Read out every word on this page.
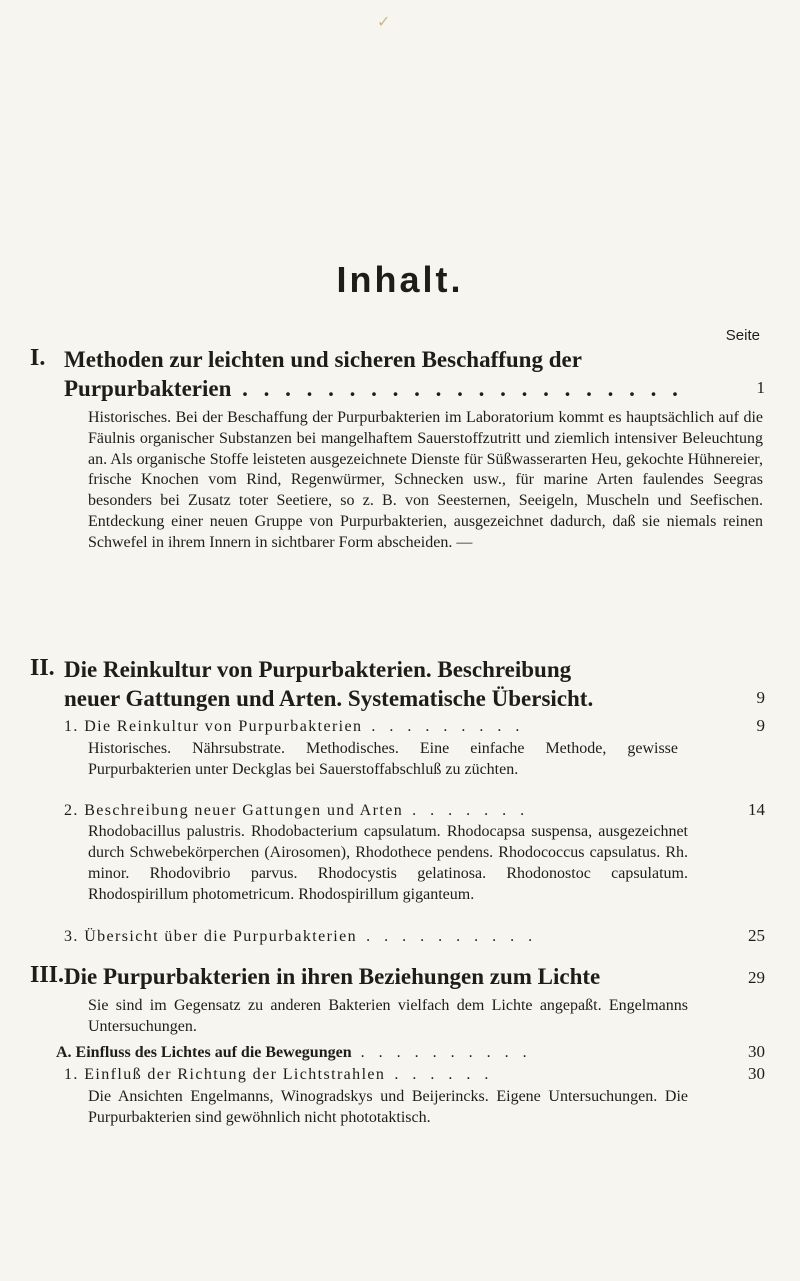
✓
Inhalt.
Seite
I. Methoden zur leichten und sicheren Beschaffung der
Purpurbakterien . . . . . . . . . . . . . . . . . . . . .	1
Historisches. Bei der Beschaffung der Purpurbakterien im Laboratorium kommt es hauptsächlich auf die Fäulnis organischer Substanzen bei mangelhaftem Sauerstoffzutritt und ziemlich intensiver Beleuchtung an. Als organische Stoffe leisteten ausgezeichnete Dienste für Süßwasserarten Heu, gekochte Hühnereier, frische Knochen vom Rind, Regenwürmer, Schnecken usw., für marine Arten faulendes Seegras besonders bei Zusatz toter Seetiere, so z. B. von Seesternen, Seeigeln, Muscheln und Seefischen. Entdeckung einer neuen Gruppe von Purpurbakterien, ausgezeichnet dadurch, daß sie niemals reinen Schwefel in ihrem Innern in sichtbarer Form abscheiden. —
II. Die Reinkultur von Purpurbakterien. Beschreibung
neuer Gattungen und Arten. Systematische Übersicht.	9
1. Die Reinkultur von Purpurbakterien . . . . . . . . .	9
Historisches. Nährsubstrate. Methodisches. Eine einfache Methode, gewisse Purpurbakterien unter Deckglas bei Sauerstoffabschluß zu züchten.
2. Beschreibung neuer Gattungen und Arten . . . . . . .	14
Rhodobacillus palustris. Rhodobacterium capsulatum. Rhodocapsa suspensa, ausgezeichnet durch Schwebekörperchen (Airosomen), Rhodothece pendens. Rhodococcus capsulatus. Rh. minor. Rhodovibrio parvus. Rhodocystis gelatinosa. Rhodonostoc capsulatum. Rhodospirillum photometricum. Rhodospirillum giganteum.
3. Übersicht über die Purpurbakterien . . . . . . . . . .	25
III. Die Purpurbakterien in ihren Beziehungen zum Lichte	29
Sie sind im Gegensatz zu anderen Bakterien vielfach dem Lichte angepaßt. Engelmanns Untersuchungen.
A. Einfluss des Lichtes auf die Bewegungen . . . . . . . . . .	30
1. Einfluß der Richtung der Lichtstrahlen . . . . . .	30
Die Ansichten Engelmanns, Winogradskys und Beijerincks. Eigene Untersuchungen. Die Purpurbakterien sind gewöhnlich nicht phototaktisch.
